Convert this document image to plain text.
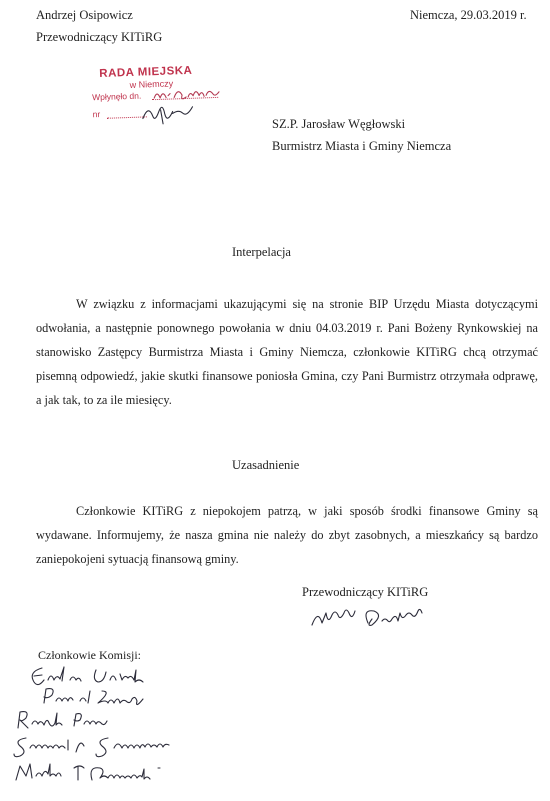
Andrzej Osipowicz
Przewodniczący KITiRG
Niemcza, 29.03.2019 r.
RADA MIEJSKA
w Niemczy
Wpłynęło dn.
nr
SZ.P. Jarosław Węgłowski
Burmistrz Miasta i Gminy Niemcza
Interpelacja
W związku z informacjami ukazującymi się na stronie BIP Urzędu Miasta dotyczącymi odwołania, a następnie ponownego powołania w dniu 04.03.2019 r. Pani Bożeny Rynkowskiej na stanowisko Zastępcy Burmistrza Miasta i Gminy Niemcza, członkowie KITiRG chcą otrzymać pisemną odpowiedź, jakie skutki finansowe poniosła Gmina, czy Pani Burmistrz otrzymała odprawę, a jak tak, to za ile miesięcy.
Uzasadnienie
Członkowie KITiRG z niepokojem patrzą, w jaki sposób środki finansowe Gminy są wydawane. Informujemy, że nasza gmina nie należy do zbyt zasobnych, a mieszkańcy są bardzo zaniepokojeni sytuacją finansową gminy.
Przewodniczący KITiRG
Członkowie Komisji:
